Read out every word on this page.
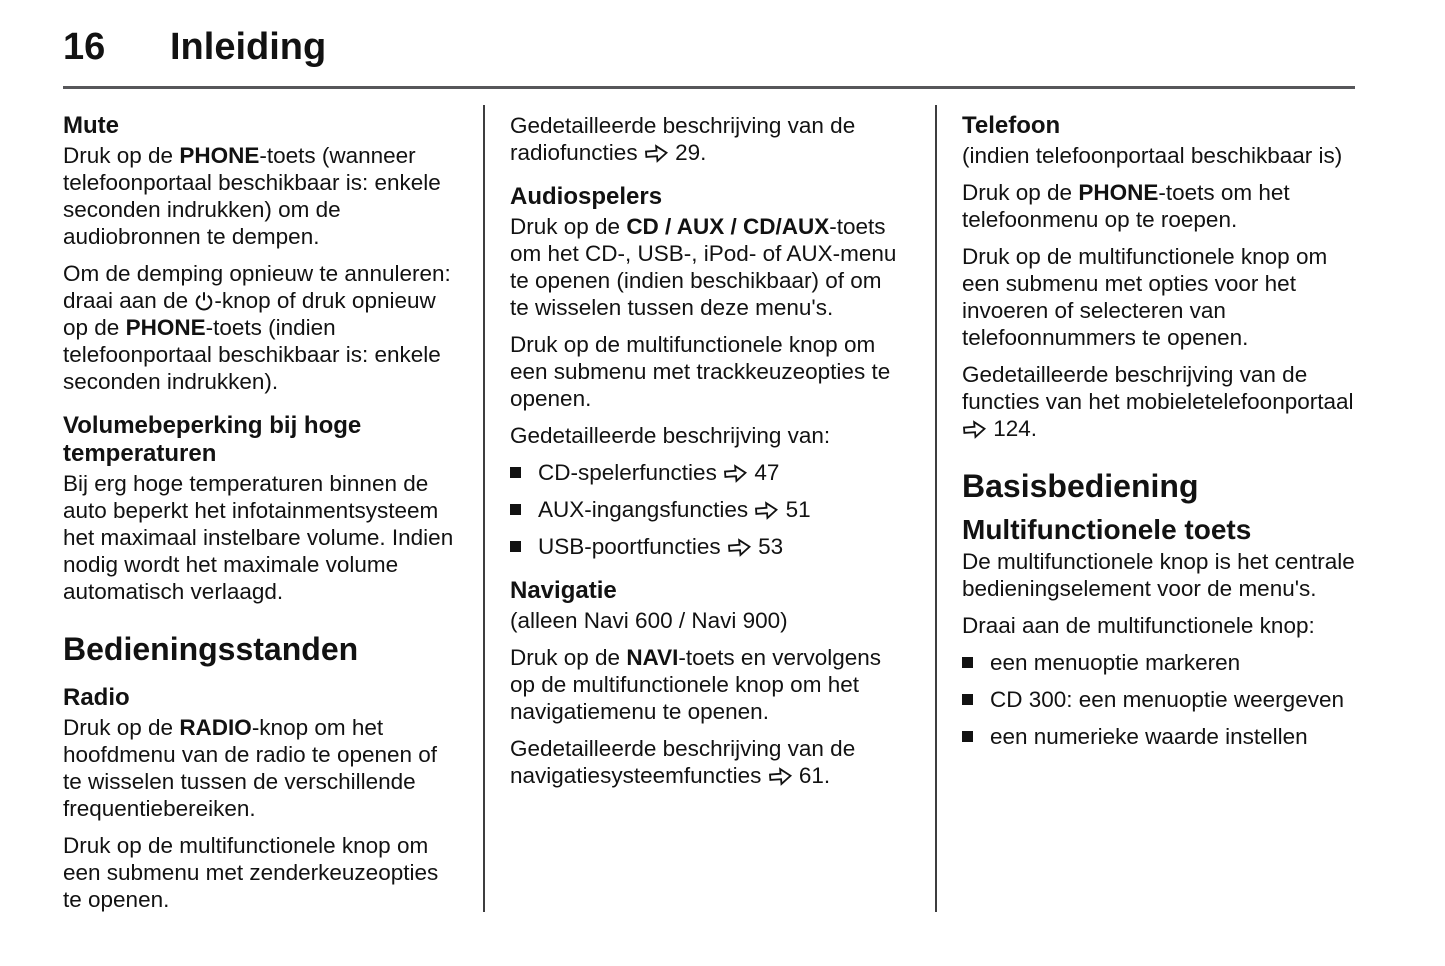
16 Inleiding
Mute

Druk op de PHONE-toets (wanneer telefoonportaal beschikbaar is: enkele seconden indrukken) om de audiobronnen te dempen.

Om de demping opnieuw te annuleren: draai aan de -knop of druk opnieuw op de PHONE-toets (indien telefoonportaal beschikbaar is: enkele seconden indrukken).

Volumebeperking bij hoge temperaturen

Bij erg hoge temperaturen binnen de auto beperkt het infotainmentsysteem het maximaal instelbare volume. Indien nodig wordt het maximale volume automatisch verlaagd.

Bedieningsstanden
Radio

Druk op de RADIO-knop om het hoofdmenu van de radio te openen of te wisselen tussen de verschillende frequentiebereiken.

Druk op de multifunctionele knop om een submenu met zenderkeuzeopties te openen.

Gedetailleerde beschrijving van de radiofuncties  29.

Audiospelers

Druk op de CD / AUX / CD/AUX-toets om het CD-, USB-, iPod- of AUX-menu te openen (indien beschikbaar) of om te wisselen tussen deze menu's.

Druk op de multifunctionele knop om een submenu met trackkeuzeopties te openen.

Gedetailleerde beschrijving van:

CD-spelerfuncties  47
AUX-ingangsfuncties  51
USB-poortfuncties  53
Navigatie

(alleen Navi 600 / Navi 900)

Druk op de NAVI-toets en vervolgens op de multifunctionele knop om het navigatiemenu te openen.

Gedetailleerde beschrijving van de navigatiesysteemfuncties  61.

Telefoon

(indien telefoonportaal beschikbaar is)

Druk op de PHONE-toets om het telefoonmenu op te roepen.

Druk op de multifunctionele knop om een submenu met opties voor het invoeren of selecteren van telefoonnummers te openen.

Gedetailleerde beschrijving van de functies van het mobieletelefoonportaal  124.

Basisbediening
Multifunctionele toets

De multifunctionele knop is het centrale bedieningselement voor de menu's.

Draai aan de multifunctionele knop:

een menuoptie markeren
CD 300: een menuoptie weergeven
een numerieke waarde instellen
